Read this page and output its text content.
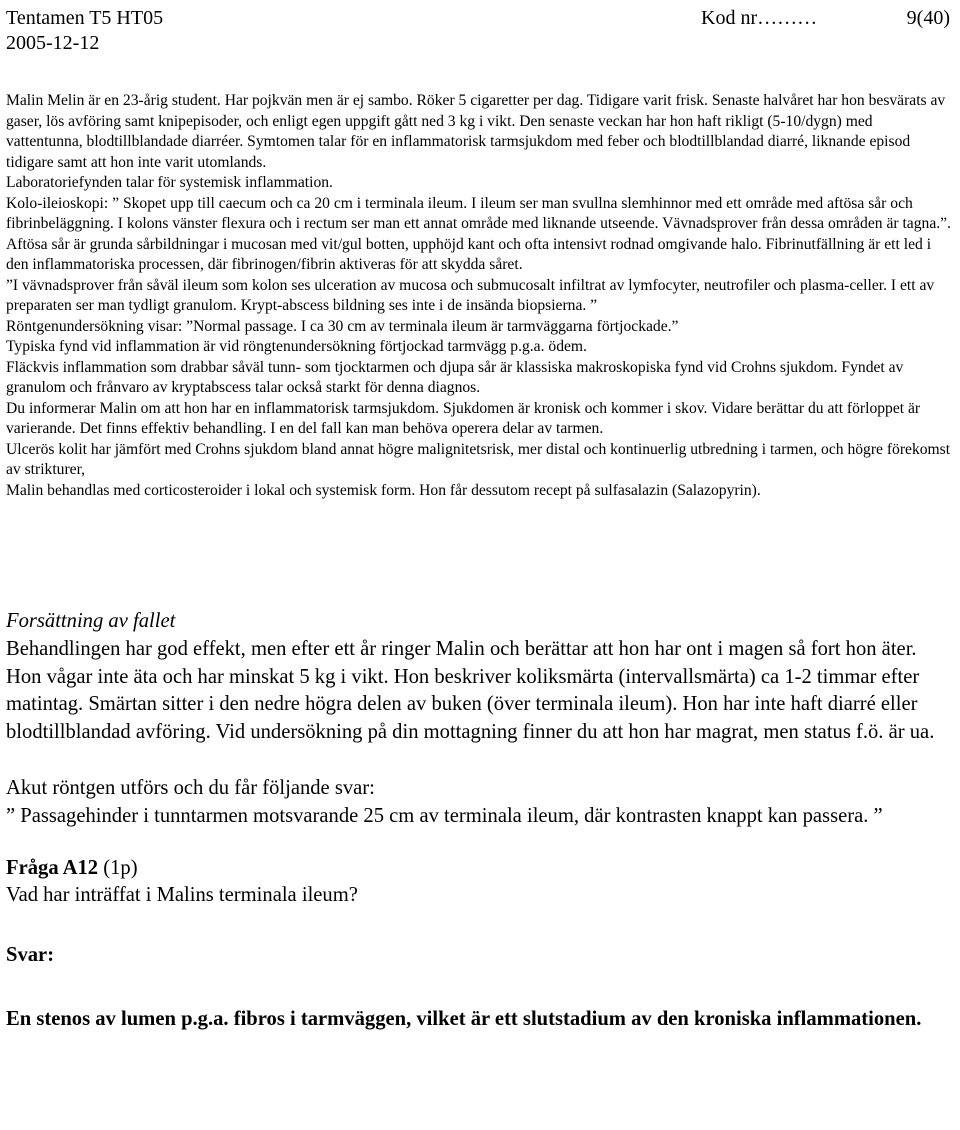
Tentamen T5 HT05	Kod nr………	9(40)
2005-12-12

Malin Melin är en 23-årig student. Har pojkvän men är ej sambo. Röker 5 cigaretter per dag. Tidigare varit frisk. Senaste halvåret har hon besvärats av gaser, lös avföring samt knipepisoder, och enligt egen uppgift gått ned 3 kg i vikt. Den senaste veckan har hon haft rikligt (5-10/dygn) med vattentunna, blodtillblandade diarréer. Symtomen talar för en inflammatorisk tarmsjukdom med feber och blodtillblandad diarré, liknande episod tidigare samt att hon inte varit utomlands.

Laboratoriefynden talar för systemisk inflammation.

Kolo-ileioskopi: ” Skopet upp till caecum och ca 20 cm i terminala ileum. I ileum ser man svullna slemhinnor med ett område med aftösa sår och fibrinbeläggning. I kolons vänster flexura och i rectum ser man ett annat område med liknande utseende. Vävnadsprover från dessa områden är tagna.”. Aftösa sår är grunda sårbildningar i mucosan med vit/gul botten, upphöjd kant och ofta intensivt rodnad omgivande halo. Fibrinutfällning är ett led i den inflammatoriska processen, där fibrinogen/fibrin aktiveras för att skydda såret.

”I vävnadsprover från såväl ileum som kolon ses ulceration av mucosa och submucosalt infiltrat av lymfocyter, neutrofiler och plasma-celler. I ett av preparaten ser man tydligt granulom. Krypt-abscess bildning ses inte i de insända biopsierna. ”

Röntgenundersökning visar: ”Normal passage. I ca 30 cm av terminala ileum är tarmväggarna förtjockade.”

Typiska fynd vid inflammation är vid röngtenundersökning förtjockad tarmvägg p.g.a. ödem.

Fläckvis inflammation som drabbar såväl tunn- som tjocktarmen och djupa sår är klassiska makroskopiska fynd vid Crohns sjukdom. Fyndet av granulom och frånvaro av kryptabscess talar också starkt för denna diagnos.

Du informerar Malin om att hon har en inflammatorisk tarmsjukdom. Sjukdomen är kronisk och kommer i skov. Vidare berättar du att förloppet är varierande. Det finns effektiv behandling. I en del fall kan man behöva operera delar av tarmen.

Ulcerös kolit har jämfört med Crohns sjukdom bland annat högre malignitetsrisk, mer distal och kontinuerlig utbredning i tarmen, och högre förekomst av strikturer,

Malin behandlas med corticosteroider i lokal och systemisk form. Hon får dessutom recept på sulfasalazin (Salazopyrin).

Forsättning av fallet

Behandlingen har god effekt, men efter ett år ringer Malin och berättar att hon har ont i magen så fort hon äter. Hon vågar inte äta och har minskat 5 kg i vikt. Hon beskriver koliksmärta (intervallsmärta) ca 1-2 timmar efter matintag. Smärtan sitter i den nedre högra delen av buken (över terminala ileum). Hon har inte haft diarré eller blodtillblandad avföring. Vid undersökning på din mottagning finner du att hon har magrat, men status f.ö. är ua.

Akut röntgen utförs och du får följande svar:

” Passagehinder i tunntarmen motsvarande 25 cm av terminala ileum, där kontrasten knappt kan passera. ”

Fråga A12 (1p)

Vad har inträffat i Malins terminala ileum?

Svar:

En stenos av lumen p.g.a. fibros i tarmväggen, vilket är ett slutstadium av den kroniska inflammationen.
